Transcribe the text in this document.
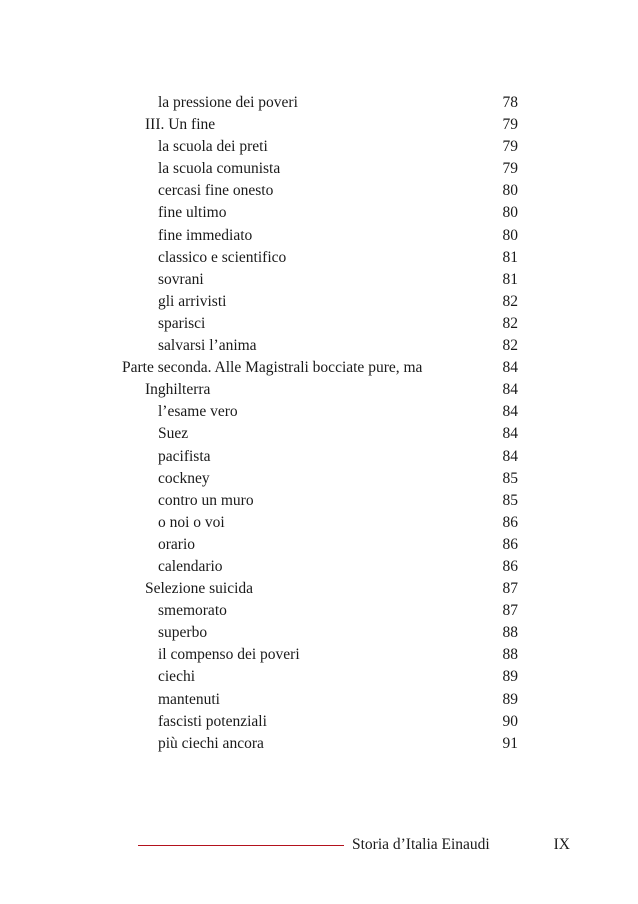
la pressione dei poveri	78
III. Un fine	79
la scuola dei preti	79
la scuola comunista	79
cercasi fine onesto	80
fine ultimo	80
fine immediato	80
classico e scientifico	81
sovrani	81
gli arrivisti	82
sparisci	82
salvarsi l’anima	82
Parte seconda. Alle Magistrali bocciate pure, ma	84
Inghilterra	84
l’esame vero	84
Suez	84
pacifista	84
cockney	85
contro un muro	85
o noi o voi	86
orario	86
calendario	86
Selezione suicida	87
smemorato	87
superbo	88
il compenso dei poveri	88
ciechi	89
mantenuti	89
fascisti potenziali	90
più ciechi ancora	91
Storia d’Italia Einaudi	IX
